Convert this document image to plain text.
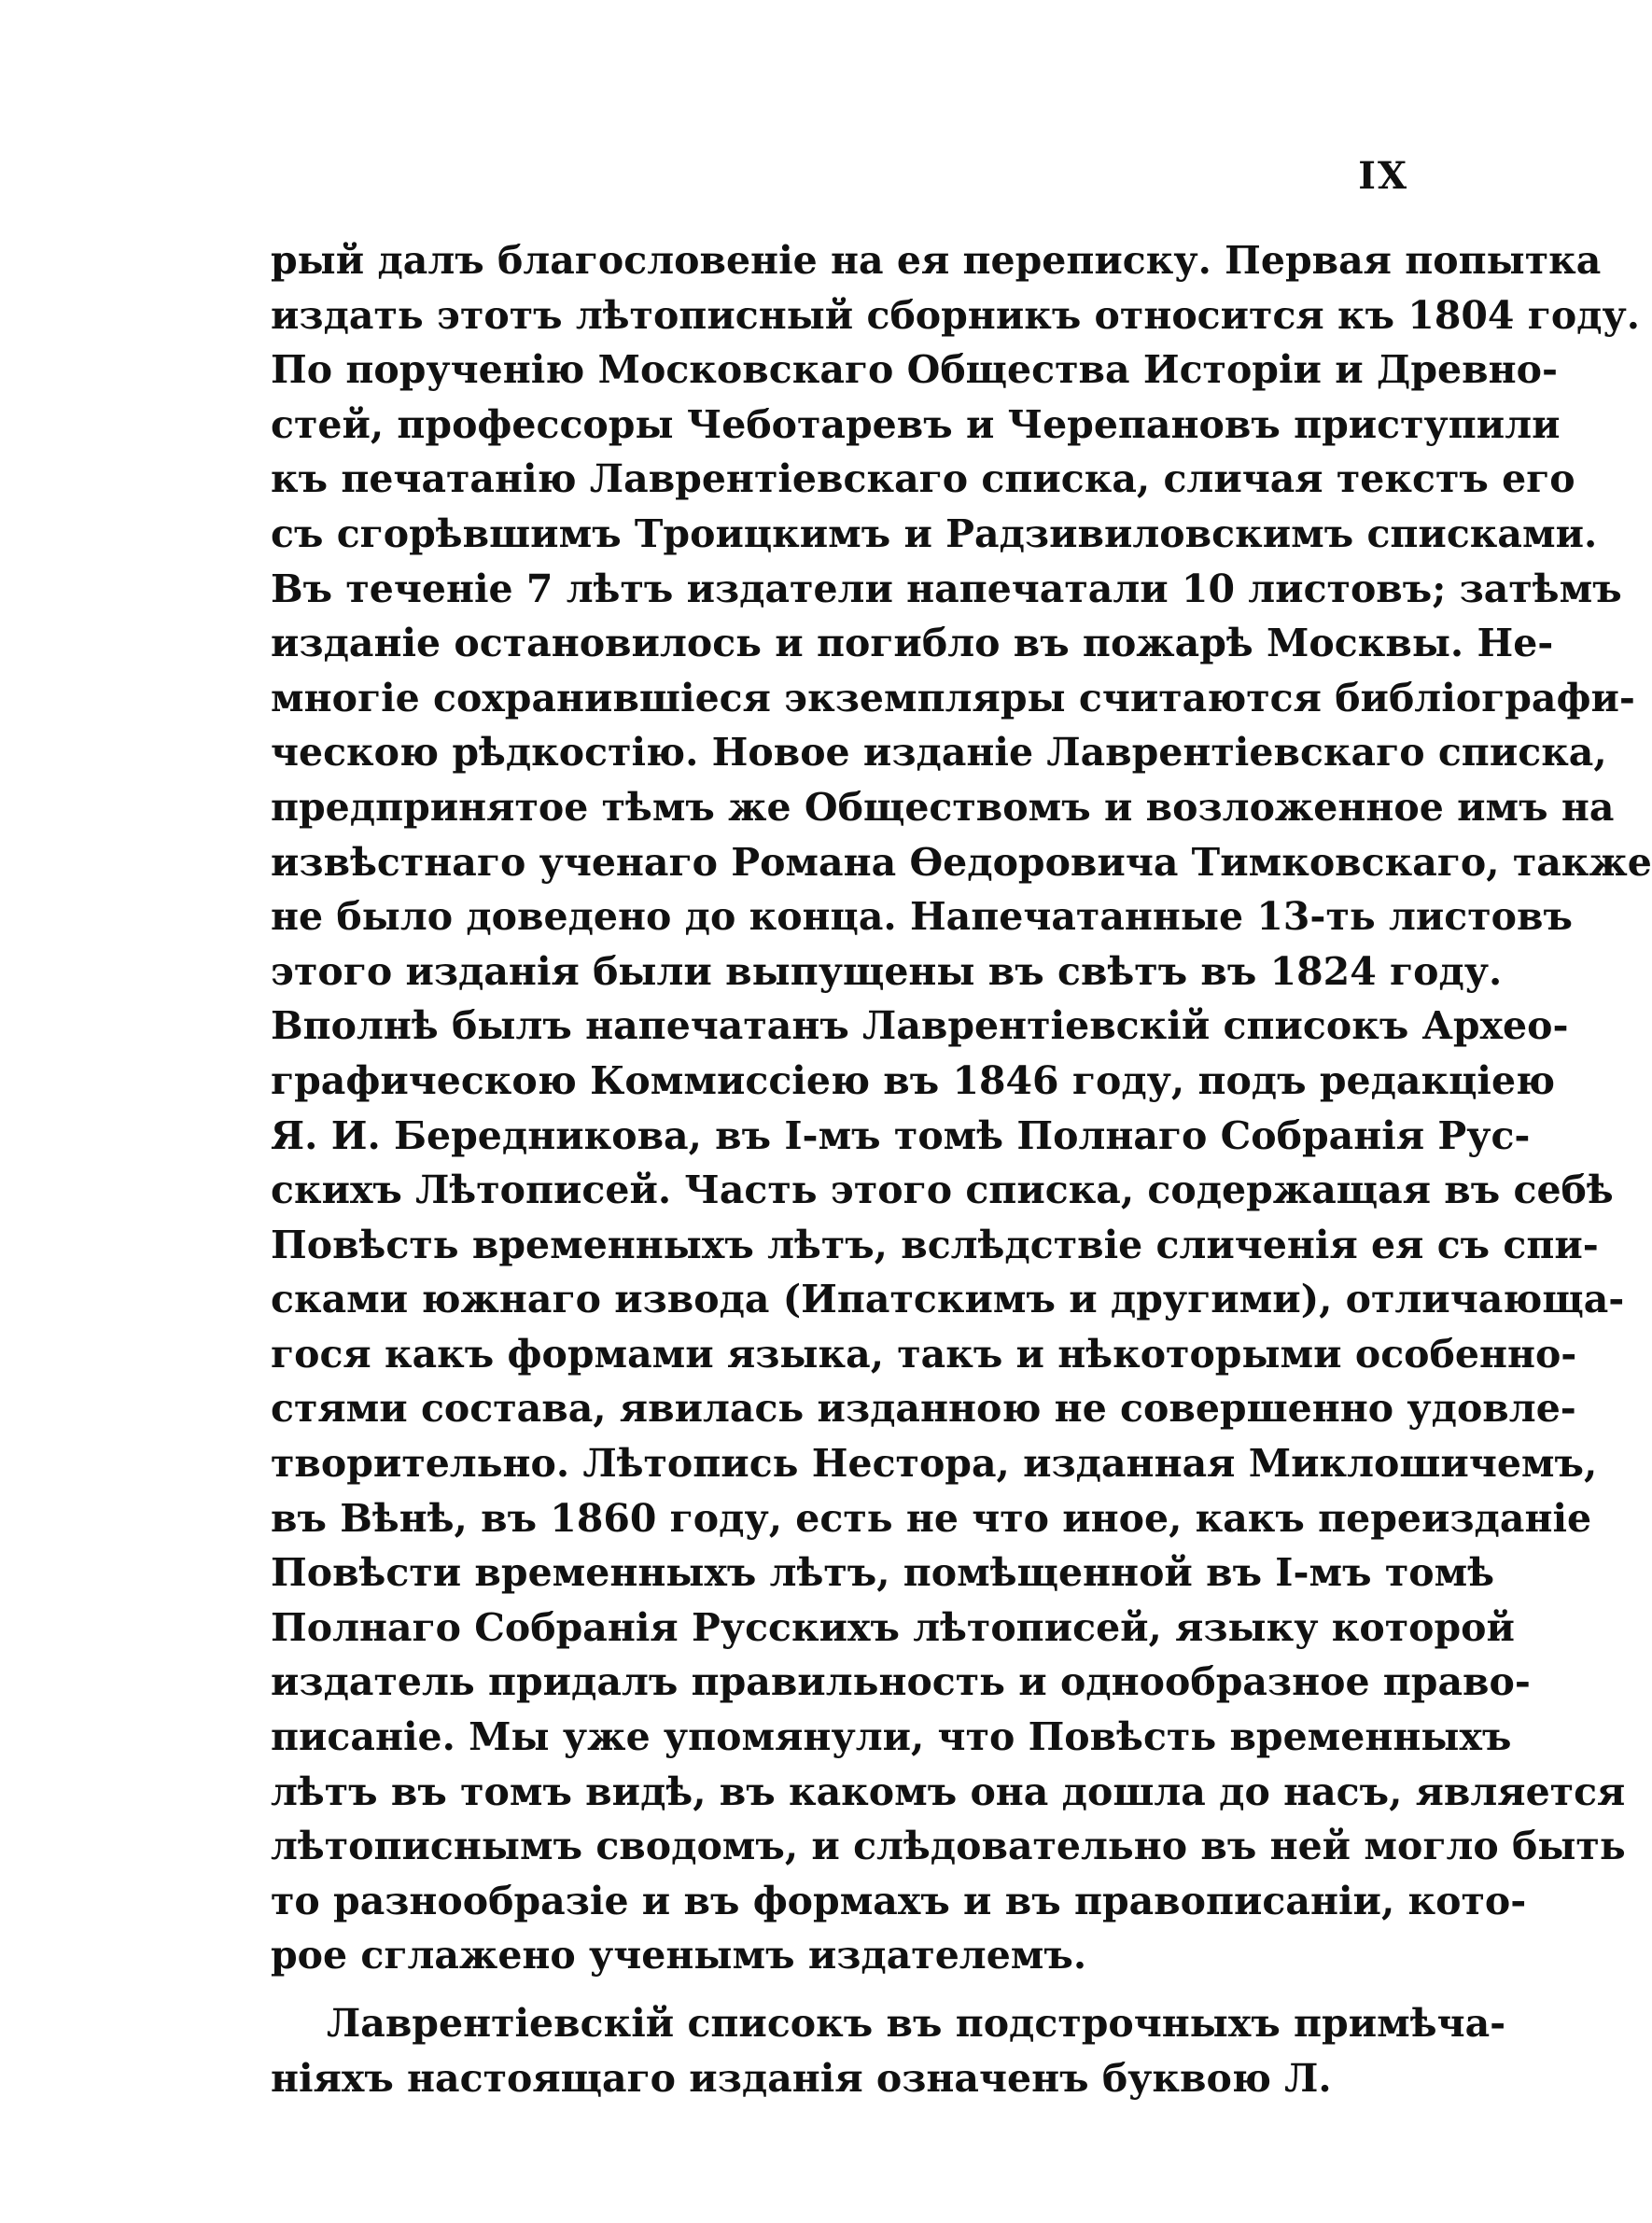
IX
рый далъ благословеніе на ея переписку. Первая попытка
издать этотъ лѣтописный сборникъ относится къ 1804 году.
По порученію Московскаго Общества Исторіи и Древно-
стей, профессоры Чеботаревъ и Черепановъ приступили
къ печатанію Лаврентіевскаго списка, сличая текстъ его
съ сгорѣвшимъ Троицкимъ и Радзивиловскимъ списками.
Въ теченіе 7 лѣтъ издатели напечатали 10 листовъ; затѣмъ
изданіе остановилось и погибло въ пожарѣ Москвы. Не-
многіе сохранившіеся экземпляры считаются библіографи-
ческою рѣдкостію. Новое изданіе Лаврентіевскаго списка,
предпринятое тѣмъ же Обществомъ и возложенное имъ на
извѣстнаго ученаго Романа Ѳедоровича Тимковскаго, также
не было доведено до конца. Напечатанные 13-ть листовъ
этого изданія были выпущены въ свѣтъ въ 1824 году.
Вполнѣ былъ напечатанъ Лаврентіевскій списокъ Архео-
графическою Коммиссіею въ 1846 году, подъ редакціею
Я. И. Бередникова, въ І-мъ томѣ Полнаго Собранія Рус-
скихъ Лѣтописей. Часть этого списка, содержащая въ себѣ
Повѣсть временныхъ лѣтъ, вслѣдствіе сличенія ея съ спи-
сками южнаго извода (Ипатскимъ и другими), отличающа-
гося какъ формами языка, такъ и нѣкоторыми особенно-
стями состава, явилась изданною не совершенно удовле-
творительно. Лѣтопись Нестора, изданная Миклошичемъ,
въ Вѣнѣ, въ 1860 году, есть не что иное, какъ переизданіе
Повѣсти временныхъ лѣтъ, помѣщенной въ І-мъ томѣ
Полнаго Собранія Русскихъ лѣтописей, языку которой
издатель придалъ правильность и однообразное право-
писаніе. Мы уже упомянули, что Повѣсть временныхъ
лѣтъ въ томъ видѣ, въ какомъ она дошла до насъ, является
лѣтописнымъ сводомъ, и слѣдовательно въ ней могло быть
то разнообразіе и въ формахъ и въ правописаніи, кото-
рое сглажено ученымъ издателемъ.
Лаврентіевскій списокъ въ подстрочныхъ примѣча-
ніяхъ настоящаго изданія означенъ буквою Л.
